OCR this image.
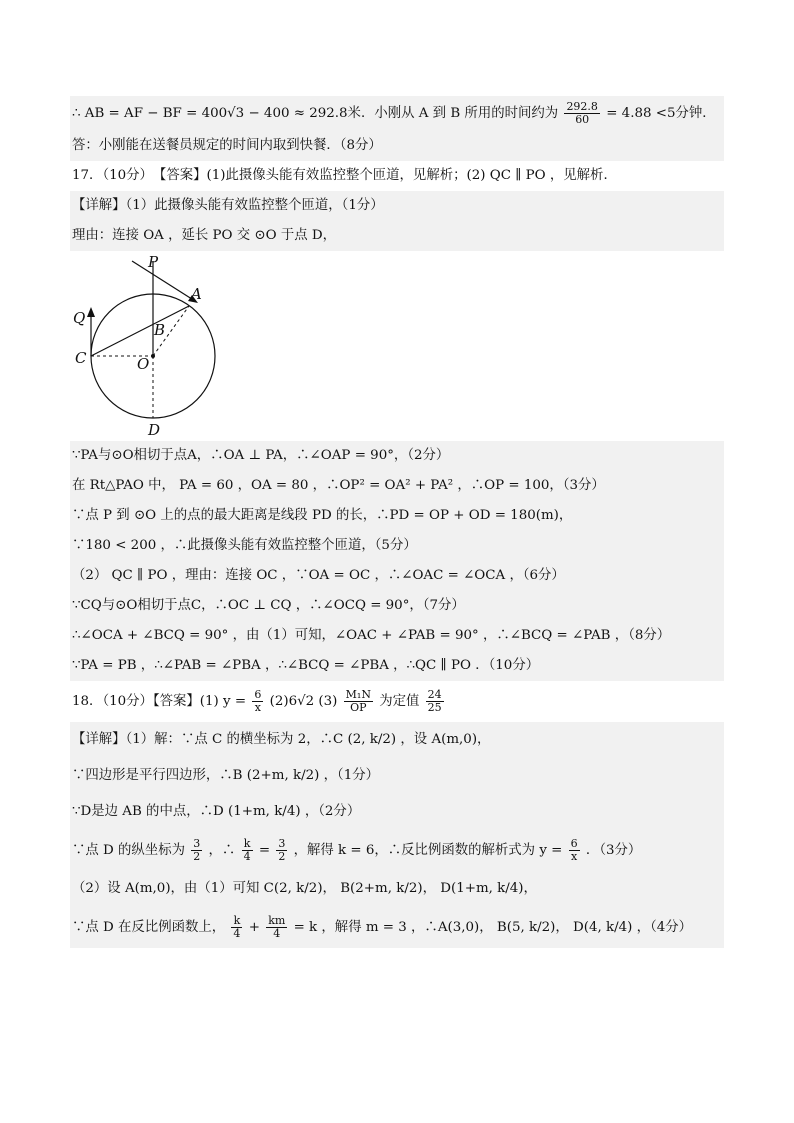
∴ AB = AF − BF = 400√3 − 400 ≈ 292.8米．小刚从 A 到 B 所用的时间约为 $\frac{292.8}{60} = 4.88 <5$分钟．
答：小刚能在送餐员规定的时间内取到快餐．（8分）
17．（10分）　【答案】(1)此摄像头能有效监控整个匝道，见解析；(2) QC ∥ PO ，见解析．
【详解】（1）此摄像头能有效监控整个匝道，（1分）
理由：连接 OA ，延长 PO 交 ⊙O 于点 D，
P
A
Q
B
C	O
D
∵PA与⊙O相切于点A，∴OA ⊥ PA，∴∠OAP = 90°，（2分）
在 Rt△PAO 中， PA = 60 ，OA = 80 ，∴OP² = OA² + PA² ，∴OP = 100，（3分）
∵点 P 到 ⊙O 上的点的最大距离是线段 PD 的长，∴PD = OP + OD = 180(m)，
∵180 < 200 ，∴此摄像头能有效监控整个匝道，（5分）
（2） QC ∥ PO ，理由：连接 OC ，∵OA = OC ，∴∠OAC = ∠OCA ，（6分）
∵CQ与⊙O相切于点C，∴OC ⊥ CQ ，∴∠OCQ = 90°，（7分）
∴∠OCA + ∠BCQ = 90° ，由（1）可知，∠OAC + ∠PAB = 90° ，∴∠BCQ = ∠PAB ，（8分）
∵PA = PB ，∴∠PAB = ∠PBA ，∴∠BCQ = ∠PBA ，∴QC ∥ PO ．（10分）
18．（10分）【答案】(1) $y = \frac{6}{x} (2)6√2$ $(3) \frac{\text{M₁N}}{OP}$ 为定值 $\frac{24}{25}$
【详解】（1）解：∵点 C 的横坐标为 2，∴C (2, k/2) ，设 A(m,0)，
∵四边形是平行四边形，∴B (2+m, k/2) ，（1分）
∵D是边 AB 的中点，∴D (1+m, k/4) ，（2分）
∵点 D 的纵坐标为 $\frac{3}{2}$ ，∴ $\frac{k}{4} = \frac{3}{2}$ ，解得 k = 6，∴反比例函数的解析式为 $y = \frac{6}{x}$ ．（3分）
（2）设 A(m,0)，由（1）可知 C(2, k/2)， B(2+m, k/2)， D(1+m, k/4)，
∵点 D 在反比例函数上， $\frac{k}{4} + \frac{km}{4} = k$ ，解得 m = 3 ，∴A(3,0)， B(5, k/2)， D(4, k/4) ，（4分）
